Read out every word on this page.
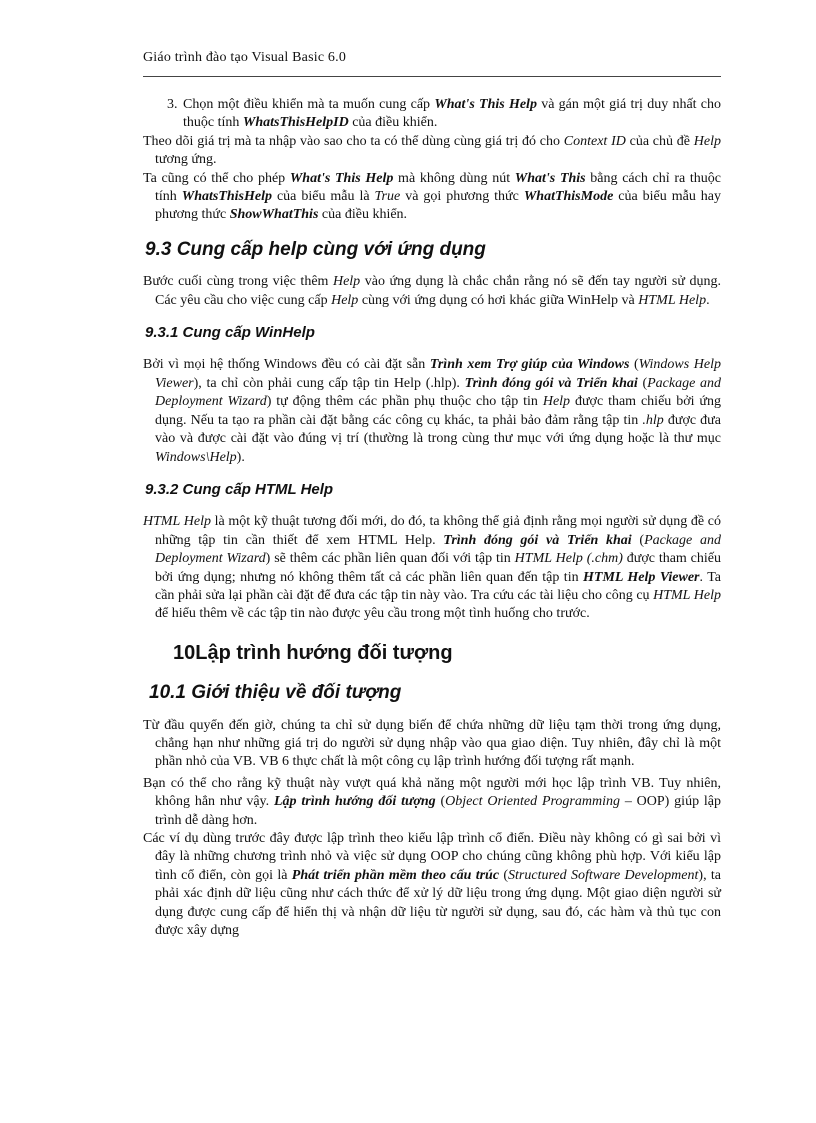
Giáo trình đào tạo Visual Basic 6.0

3. Chọn một điều khiển mà ta muốn cung cấp What's This Help và gán một giá trị duy nhất cho thuộc tính WhatsThisHelpID của điều khiển.

Theo dõi giá trị mà ta nhập vào sao cho ta có thể dùng cùng giá trị đó cho Context ID của chủ đề Help tương ứng.

Ta cũng có thể cho phép What's This Help mà không dùng nút What's This bằng cách chỉ ra thuộc tính WhatsThisHelp của biểu mẫu là True và gọi phương thức WhatThisMode của biểu mẫu hay phương thức ShowWhatThis của điều khiển.

9.3 Cung cấp help cùng với ứng dụng

Bước cuối cùng trong việc thêm Help vào ứng dụng là chắc chắn rằng nó sẽ đến tay người sử dụng. Các yêu cầu cho việc cung cấp Help cùng với ứng dụng có hơi khác giữa WinHelp và HTML Help.

9.3.1 Cung cấp WinHelp

Bởi vì mọi hệ thống Windows đều có cài đặt sẵn Trình xem Trợ giúp của Windows (Windows Help Viewer), ta chỉ còn phải cung cấp tập tin Help (.hlp). Trình đóng gói và Triển khai (Package and Deployment Wizard) tự động thêm các phần phụ thuộc cho tập tin Help được tham chiếu bởi ứng dụng. Nếu ta tạo ra phần cài đặt bằng các công cụ khác, ta phải bảo đảm rằng tập tin .hlp được đưa vào và được cài đặt vào đúng vị trí (thường là trong cùng thư mục với ứng dụng hoặc là thư mục Windows\Help).

9.3.2 Cung cấp HTML Help

HTML Help là một kỹ thuật tương đối mới, do đó, ta không thể giả định rằng mọi người sử dụng đề có những tập tin cần thiết để xem HTML Help. Trình đóng gói và Triển khai (Package and Deployment Wizard) sẽ thêm các phần liên quan đối với tập tin HTML Help (.chm) được tham chiếu bởi ứng dụng; nhưng nó không thêm tất cả các phần liên quan đến tập tin HTML Help Viewer. Ta cần phải sửa lại phần cài đặt để đưa các tập tin này vào. Tra cứu các tài liệu cho công cụ HTML Help để hiểu thêm về các tập tin nào được yêu cầu trong một tình huống cho trước.

10Lập trình hướng đối tượng
10.1 Giới thiệu về đối tượng

Từ đầu quyển đến giờ, chúng ta chỉ sử dụng biến để chứa những dữ liệu tạm thời trong ứng dụng, chẳng hạn như những giá trị do người sử dụng nhập vào qua giao diện. Tuy nhiên, đây chỉ là một phần nhỏ của VB. VB 6 thực chất là một công cụ lập trình hướng đối tượng rất mạnh.

Bạn có thể cho rằng kỹ thuật này vượt quá khả năng một người mới học lập trình VB. Tuy nhiên, không hẳn như vậy. Lập trình hướng đối tượng (Object Oriented Programming – OOP) giúp lập trình dễ dàng hơn.

Các ví dụ dùng trước đây được lập trình theo kiểu lập trình cổ điển. Điều này không có gì sai bởi vì đây là những chương trình nhỏ và việc sử dụng OOP cho chúng cũng không phù hợp. Với kiểu lập tình cổ điển, còn gọi là Phát triển phần mềm theo cấu trúc (Structured Software Development), ta phải xác định dữ liệu cũng như cách thức để xử lý dữ liệu trong ứng dụng. Một giao diện người sử dụng được cung cấp để hiển thị và nhận dữ liệu từ người sử dụng, sau đó, các hàm và thủ tục con được xây dựng
